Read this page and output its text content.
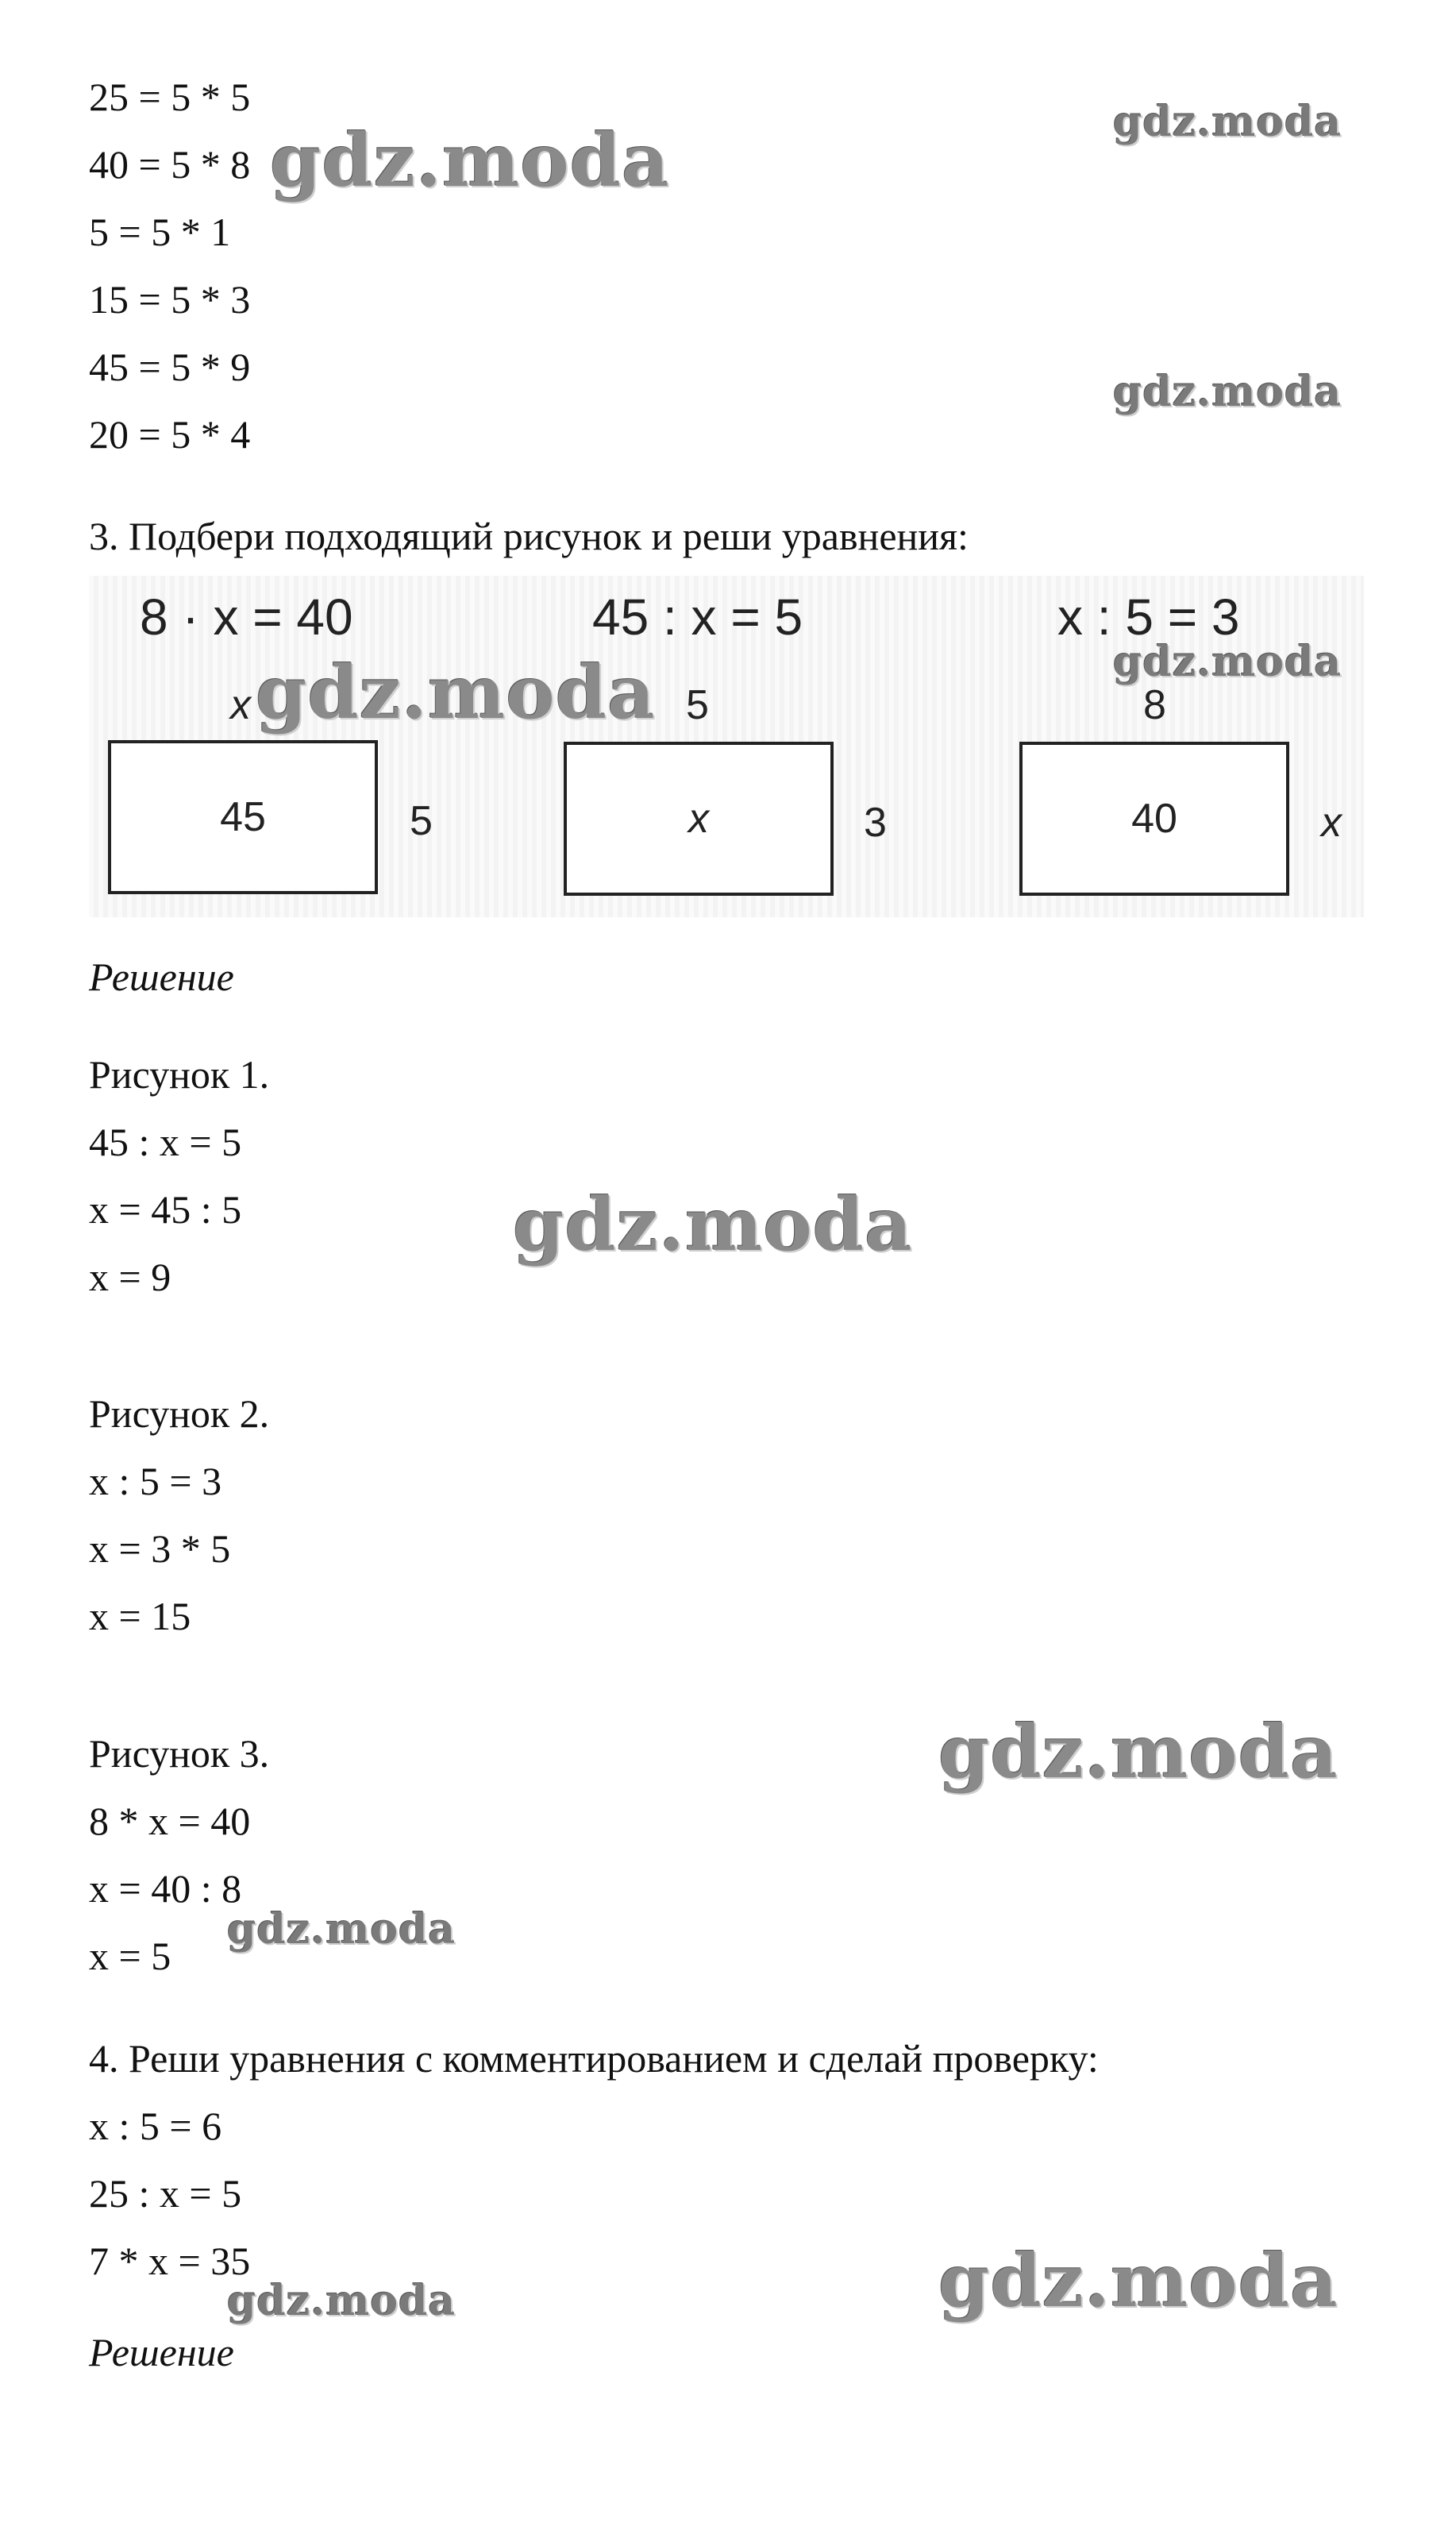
25 = 5 * 5

40 = 5 * 8

5 = 5 * 1

15 = 5 * 3

45 = 5 * 9

20 = 5 * 4

3. Подбери подходящий рисунок и реши уравнения:

8 · x = 40	45 : x = 5	x : 5 = 3
x	5	8
45	x	40
5	3	x

Решение

Рисунок 1.

45 : x = 5

x = 45 : 5

x = 9

Рисунок 2.

x : 5 = 3

x = 3 * 5

x = 15

Рисунок 3.

8 * x = 40

x = 40 : 8

x = 5

4. Реши уравнения с комментированием и сделай проверку:

x : 5 = 6

25 : x = 5

7 * x = 35

Решение

gdz.moda
gdz.moda
gdz.moda
gdz.moda
gdz.moda
gdz.moda
gdz.moda
gdz.moda
gdz.moda	gdz.moda
